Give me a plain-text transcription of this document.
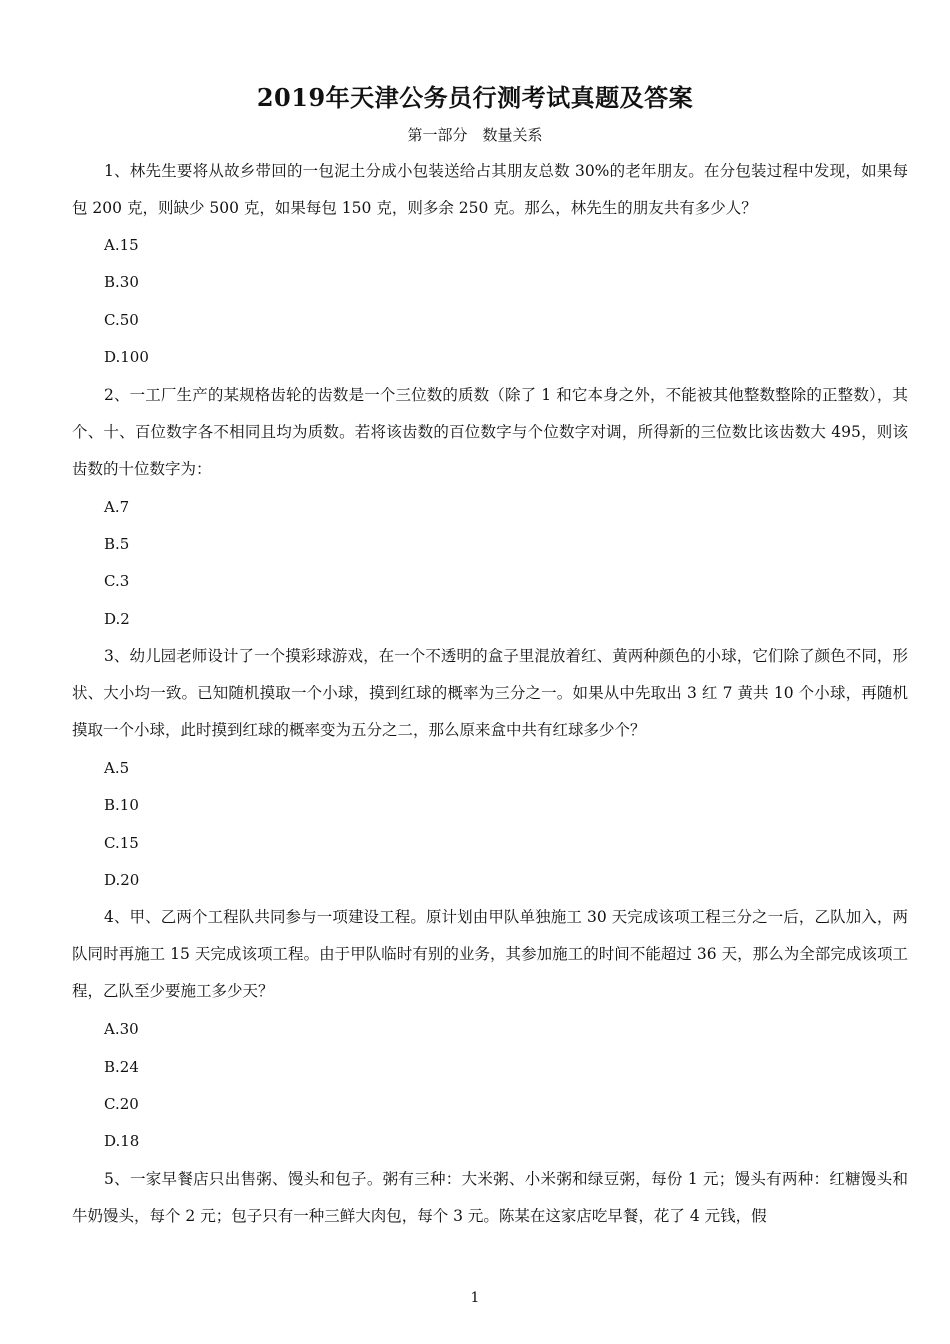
2019年天津公务员行测考试真题及答案
第一部分　数量关系
1、林先生要将从故乡带回的一包泥土分成小包装送给占其朋友总数 30%的老年朋友。在分包装过程中发现，如果每包 200 克，则缺少 500 克，如果每包 150 克，则多余 250 克。那么，林先生的朋友共有多少人？
A.15
B.30
C.50
D.100
2、一工厂生产的某规格齿轮的齿数是一个三位数的质数（除了 1 和它本身之外，不能被其他整数整除的正整数），其个、十、百位数字各不相同且均为质数。若将该齿数的百位数字与个位数字对调，所得新的三位数比该齿数大 495，则该齿数的十位数字为：
A.7
B.5
C.3
D.2
3、幼儿园老师设计了一个摸彩球游戏，在一个不透明的盒子里混放着红、黄两种颜色的小球，它们除了颜色不同，形状、大小均一致。已知随机摸取一个小球，摸到红球的概率为三分之一。如果从中先取出 3 红 7 黄共 10 个小球，再随机摸取一个小球，此时摸到红球的概率变为五分之二，那么原来盒中共有红球多少个？
A.5
B.10
C.15
D.20
4、甲、乙两个工程队共同参与一项建设工程。原计划由甲队单独施工 30 天完成该项工程三分之一后，乙队加入，两队同时再施工 15 天完成该项工程。由于甲队临时有别的业务，其参加施工的时间不能超过 36 天，那么为全部完成该项工程，乙队至少要施工多少天？
A.30
B.24
C.20
D.18
5、一家早餐店只出售粥、馒头和包子。粥有三种：大米粥、小米粥和绿豆粥，每份 1 元；馒头有两种：红糖馒头和牛奶馒头，每个 2 元；包子只有一种三鲜大肉包，每个 3 元。陈某在这家店吃早餐，花了 4 元钱，假
1
